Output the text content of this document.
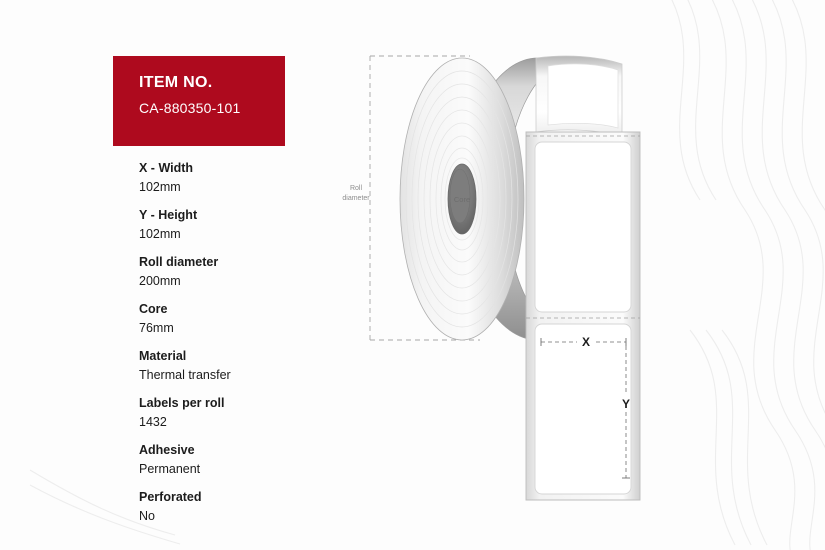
ITEM NO.
CA-880350-101
X - Width
102mm
Y - Height
102mm
Roll diameter
200mm
Core
76mm
Material
Thermal transfer
Labels per roll
1432
Adhesive
Permanent
Perforated
No
Roll
diameter	Core
X
Y
